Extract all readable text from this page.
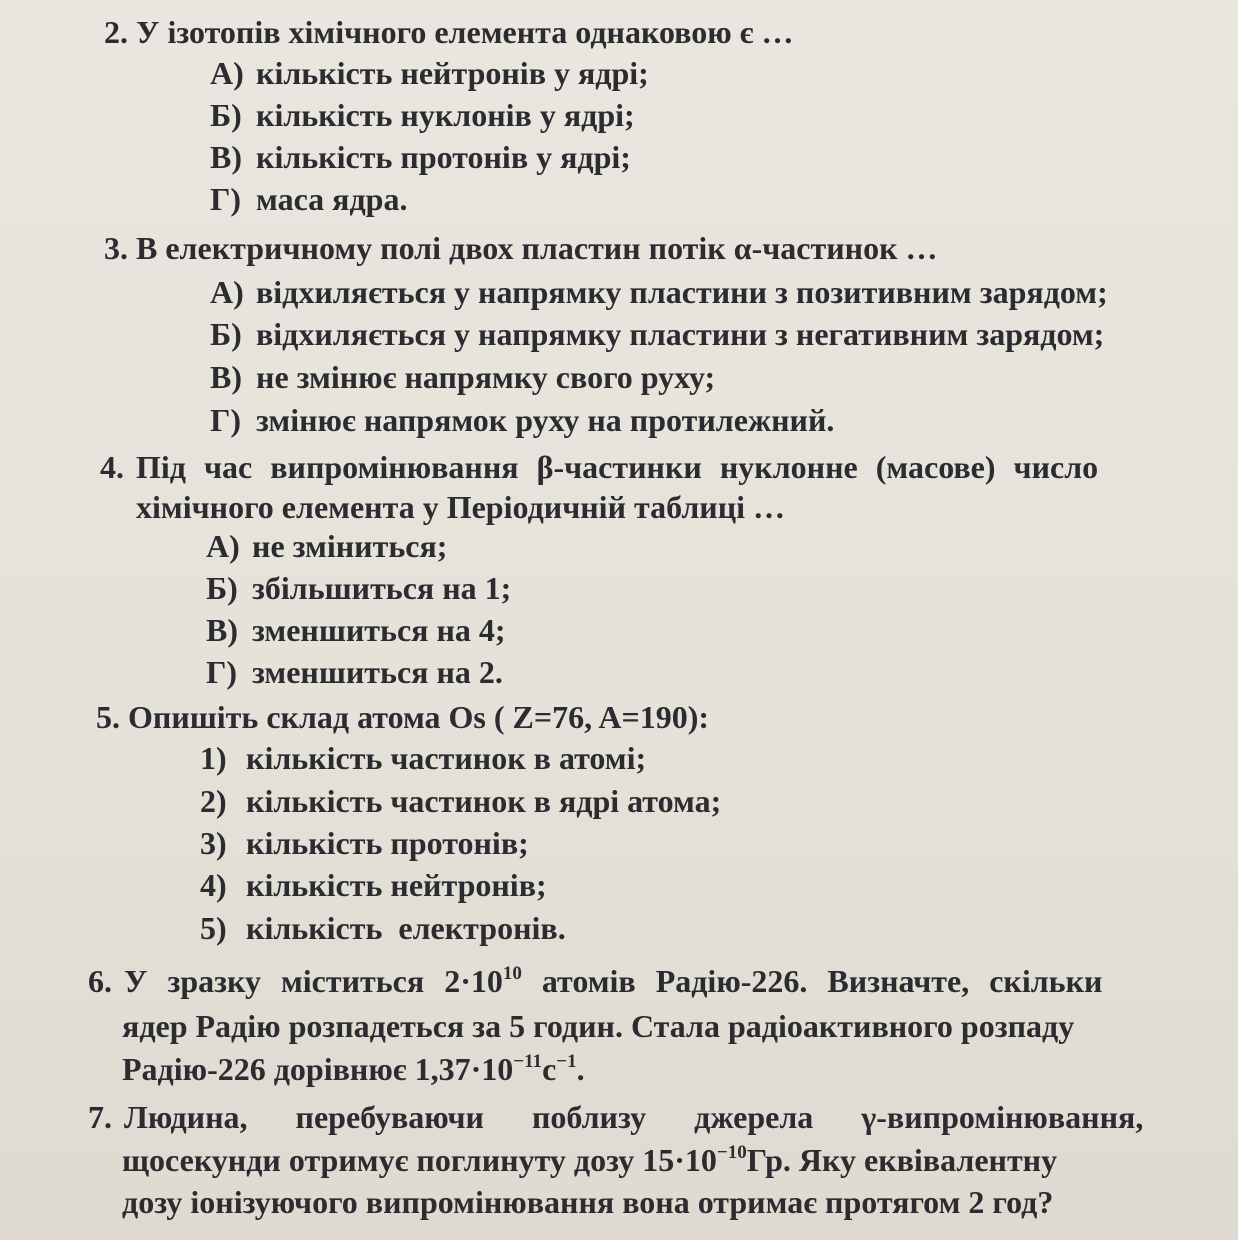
2. У ізотопів хімічного елемента однаковою є …
А) кількість нейтронів у ядрі;
Б) кількість нуклонів у ядрі;
В) кількість протонів у ядрі;
Г) маса ядра.
3. В електричному полі двох пластин потік α-частинок …
А) відхиляється у напрямку пластини з позитивним зарядом;
Б) відхиляється у напрямку пластини з негативним зарядом;
В) не змінює напрямку свого руху;
Г) змінює напрямок руху на протилежний.
4. Під час випромінювання β-частинки нуклонне (масове) число
хімічного елемента у Періодичній таблиці …
А) не зміниться;
Б) збільшиться на 1;
В) зменшиться на 4;
Г) зменшиться на 2.
5. Опишіть склад атома Os ( Z=76, A=190):
1) кількість частинок в атомі;
2) кількість частинок в ядрі атома;
3) кількість протонів;
4) кількість нейтронів;
5) кількість  електронів.
6. У зразку міститься $2\cdot 10^{10}$ атомів Радію-226. Визначте, скільки
ядер Радію розпадеться за 5 годин. Стала радіоактивного розпаду
Радію-226 дорівнює $1,37\cdot 10^{-11}с^{-1}$.
7. Людина, перебуваючи поблизу джерела γ-випромінювання,
щосекунди отримує поглинуту дозу $15\cdot 10^{-10}Гр$. Яку еквівалентну
дозу іонізуючого випромінювання вона отримає протягом 2 год?
